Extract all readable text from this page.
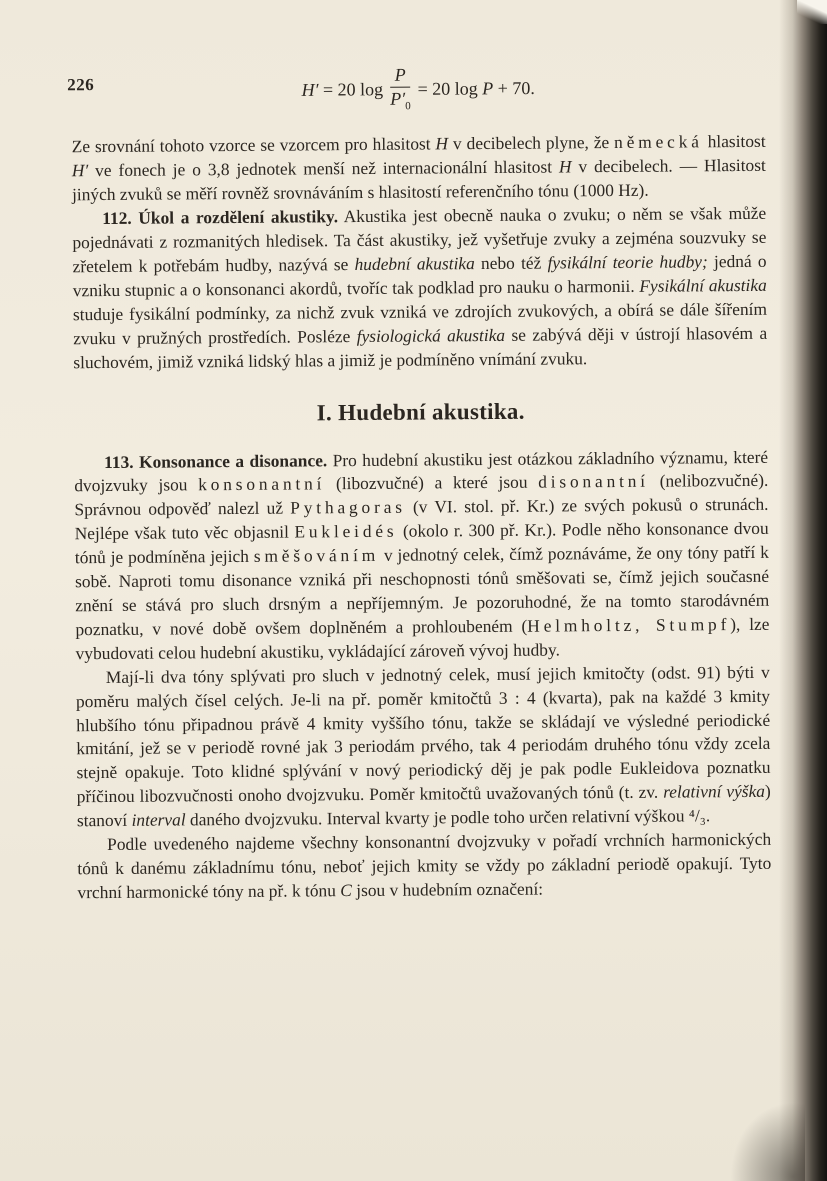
226	H′ = 20 $\log \frac{P}{P'_0} = 20$ log P + 70.

Ze srovnání tohoto vzorce se vzorcem pro hlasitost H v decibelech plyne, že německá hlasitost H′ ve fonech je o 3,8 jednotek menší než internacionální hlasitost H v decibelech. — Hlasitost jiných zvuků se měří rovněž srovnáváním s hlasitostí referenčního tónu (1000 Hz).

112. Úkol a rozdělení akustiky. Akustika jest obecně nauka o zvuku; o něm se však může pojednávati z rozmanitých hledisek. Ta část akustiky, jež vyšetřuje zvuky a zejména souzvuky se zřetelem k potřebám hudby, nazývá se hudební akustika nebo též fysikální teorie hudby; jedná o vzniku stupnic a o konsonanci akordů, tvoříc tak podklad pro nauku o harmonii. Fysikální akustika studuje fysikální podmínky, za nichž zvuk vzniká ve zdrojích zvukových, a obírá se dále šířením zvuku v pružných prostředích. Posléze fysiologická akustika se zabývá ději v ústrojí hlasovém a sluchovém, jimiž vzniká lidský hlas a jimiž je podmíněno vnímání zvuku.

I. Hudební akustika.

113. Konsonance a disonance. Pro hudební akustiku jest otázkou základního významu, které dvojzvuky jsou konsonantní (libozvučné) a které jsou disonantní (nelibozvučné). Správnou odpověď nalezl už Pythagoras (v VI. stol. př. Kr.) ze svých pokusů o strunách. Nejlépe však tuto věc objasnil Eukleidés (okolo r. 300 př. Kr.). Podle něho konsonance dvou tónů je podmíněna jejich směšováním v jednotný celek, čímž poznáváme, že ony tóny patří k sobě. Naproti tomu disonance vzniká při neschopnosti tónů směšovati se, čímž jejich současné znění se stává pro sluch drsným a nepříjemným. Je pozoruhodné, že na tomto starodávném poznatku, v nové době ovšem doplněném a prohloubeném (Helmholtz, Stumpf), lze vybudovati celou hudební akustiku, vykládající zároveň vývoj hudby.

Mají-li dva tóny splývati pro sluch v jednotný celek, musí jejich kmitočty (odst. 91) býti v poměru malých čísel celých. Je-li na př. poměr kmitočtů 3 : 4 (kvarta), pak na každé 3 kmity hlubšího tónu připadnou právě 4 kmity vyššího tónu, takže se skládají ve výsledné periodické kmitání, jež se v periodě rovné jak 3 periodám prvého, tak 4 periodám druhého tónu vždy zcela stejně opakuje. Toto klidné splývání v nový periodický děj je pak podle Eukleidova poznatku příčinou libozvučnosti onoho dvojzvuku. Poměr kmitočtů uvažovaných tónů (t. zv. relativní výška) stanoví interval daného dvojzvuku. Interval kvarty je podle toho určen relativní výškou ⁴/₃.

Podle uvedeného najdeme všechny konsonantní dvojzvuky v pořadí vrchních harmonických tónů k danému základnímu tónu, neboť jejich kmity se vždy po základní periodě opakují. Tyto vrchní harmonické tóny na př. k tónu C jsou v hudebním označení:
